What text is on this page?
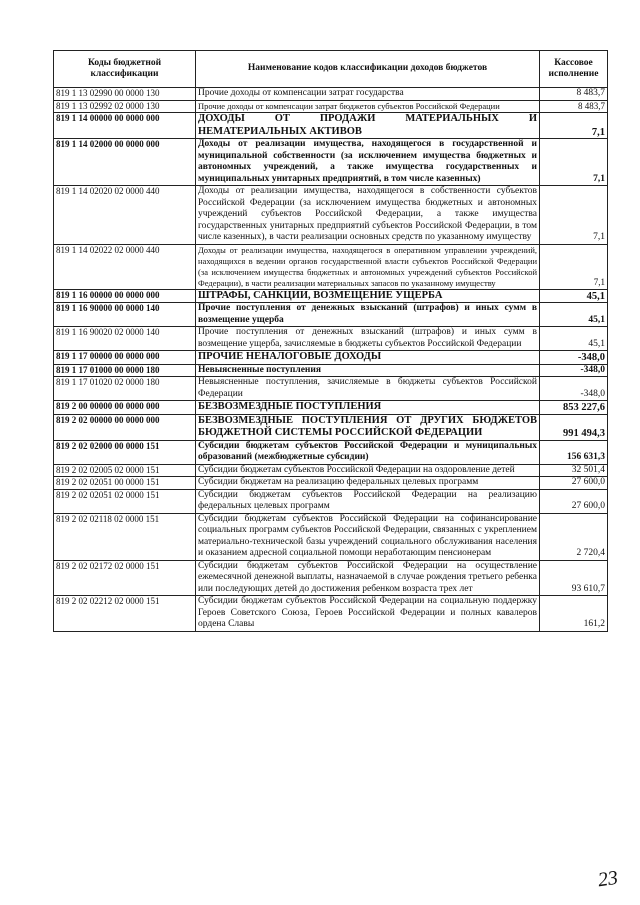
Коды бюджетной классификации	Наименование кодов классификации доходов бюджетов	Кассовое исполнение
819 1 13 02990 00 0000 130	Прочие доходы от компенсации затрат государства	8 483,7
819 1 13 02992 02 0000 130	Прочие доходы от компенсации затрат бюджетов субъектов Российской Федерации	8 483,7
819 1 14 00000 00 0000 000	ДОХОДЫ ОТ ПРОДАЖИ МАТЕРИАЛЬНЫХ И НЕМАТЕРИАЛЬНЫХ АКТИВОВ	7,1
819 1 14 02000 00 0000 000	Доходы от реализации имущества, находящегося в государственной и муниципальной собственности (за исключением имущества бюджетных и автономных учреждений, а также имущества государственных и муниципальных унитарных предприятий, в том числе казенных)	7,1
819 1 14 02020 02 0000 440	Доходы от реализации имущества, находящегося в собственности субъектов Российской Федерации (за исключением имущества бюджетных и автономных учреждений субъектов Российской Федерации, а также имущества государственных унитарных предприятий субъектов Российской Федерации, в том числе казенных), в части реализации основных средств по указанному имуществу	7,1
819 1 14 02022 02 0000 440	Доходы от реализации имущества, находящегося в оперативном управлении учреждений, находящихся в ведении органов государственной власти субъектов Российской Федерации (за исключением имущества бюджетных и автономных учреждений субъектов Российской Федерации), в части реализации материальных запасов по указанному имуществу	7,1
819 1 16 00000 00 0000 000	ШТРАФЫ, САНКЦИИ, ВОЗМЕЩЕНИЕ УЩЕРБА	45,1
819 1 16 90000 00 0000 140	Прочие поступления от денежных взысканий (штрафов) и иных сумм в возмещение ущерба	45,1
819 1 16 90020 02 0000 140	Прочие поступления от денежных взысканий (штрафов) и иных сумм в возмещение ущерба, зачисляемые в бюджеты субъектов Российской Федерации	45,1
819 1 17 00000 00 0000 000	ПРОЧИЕ НЕНАЛОГОВЫЕ ДОХОДЫ	-348,0
819 1 17 01000 00 0000 180	Невыясненные поступления	-348,0
819 1 17 01020 02 0000 180	Невыясненные поступления, зачисляемые в бюджеты субъектов Российской Федерации	-348,0
819 2 00 00000 00 0000 000	БЕЗВОЗМЕЗДНЫЕ ПОСТУПЛЕНИЯ	853 227,6
819 2 02 00000 00 0000 000	БЕЗВОЗМЕЗДНЫЕ ПОСТУПЛЕНИЯ ОТ ДРУГИХ БЮДЖЕТОВ БЮДЖЕТНОЙ СИСТЕМЫ РОССИЙСКОЙ ФЕДЕРАЦИИ	991 494,3
819 2 02 02000 00 0000 151	Субсидии бюджетам субъектов Российской Федерации и муниципальных образований (межбюджетные субсидии)	156 631,3
819 2 02 02005 02 0000 151	Субсидии бюджетам субъектов Российской Федерации на оздоровление детей	32 501,4
819 2 02 02051 00 0000 151	Субсидии бюджетам на реализацию федеральных целевых программ	27 600,0
819 2 02 02051 02 0000 151	Субсидии бюджетам субъектов Российской Федерации на реализацию федеральных целевых программ	27 600,0
819 2 02 02118 02 0000 151	Субсидии бюджетам субъектов Российской Федерации на софинансирование социальных программ субъектов Российской Федерации, связанных с укреплением материально-технической базы учреждений социального обслуживания населения и оказанием адресной социальной помощи неработающим пенсионерам	2 720,4
819 2 02 02172 02 0000 151	Субсидии бюджетам субъектов Российской Федерации на осуществление ежемесячной денежной выплаты, назначаемой в случае рождения третьего ребенка или последующих детей до достижения ребенком возраста трех лет	93 610,7
819 2 02 02212 02 0000 151	Субсидии бюджетам субъектов Российской Федерации на социальную поддержку Героев Советского Союза, Героев Российской Федерации и полных кавалеров ордена Славы	161,2
23
